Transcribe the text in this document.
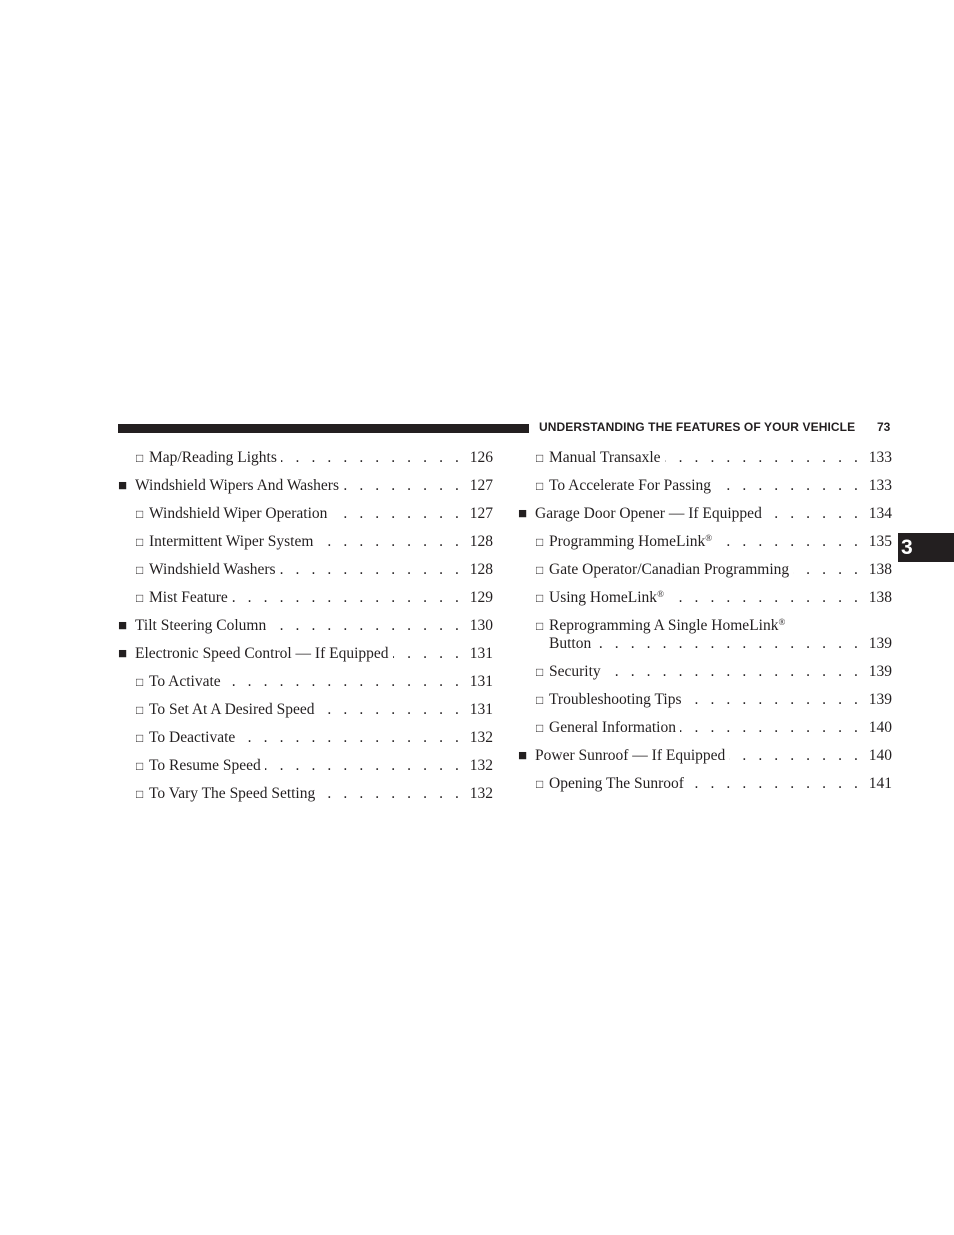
UNDERSTANDING THE FEATURES OF YOUR VEHICLE 73
3
□ Map/Reading Lights . . .	126
■ Windshield Wipers And Washers . . .	127
□ Windshield Wiper Operation . . .	127
□ Intermittent Wiper System . . .	128
□ Windshield Washers . . .	128
□ Mist Feature . . .	129
■ Tilt Steering Column . . .	130
■ Electronic Speed Control — If Equipped . . .	131
□ To Activate . . .	131
□ To Set At A Desired Speed . . .	131
□ To Deactivate . . .	132
□ To Resume Speed . . .	132
□ To Vary The Speed Setting . . .	132
□ Manual Transaxle . . .	133
□ To Accelerate For Passing . . .	133
■ Garage Door Opener — If Equipped . . .	134
□ Programming HomeLink® . . .	135
□ Gate Operator/Canadian Programming . . .	138
□ Using HomeLink® . . .	138
□ Reprogramming A Single HomeLink®
Button . . .	139
□ Security . . .	139
□ Troubleshooting Tips . . .	139
□ General Information . . .	140
■ Power Sunroof — If Equipped . . .	140
□ Opening The Sunroof . . .	141
